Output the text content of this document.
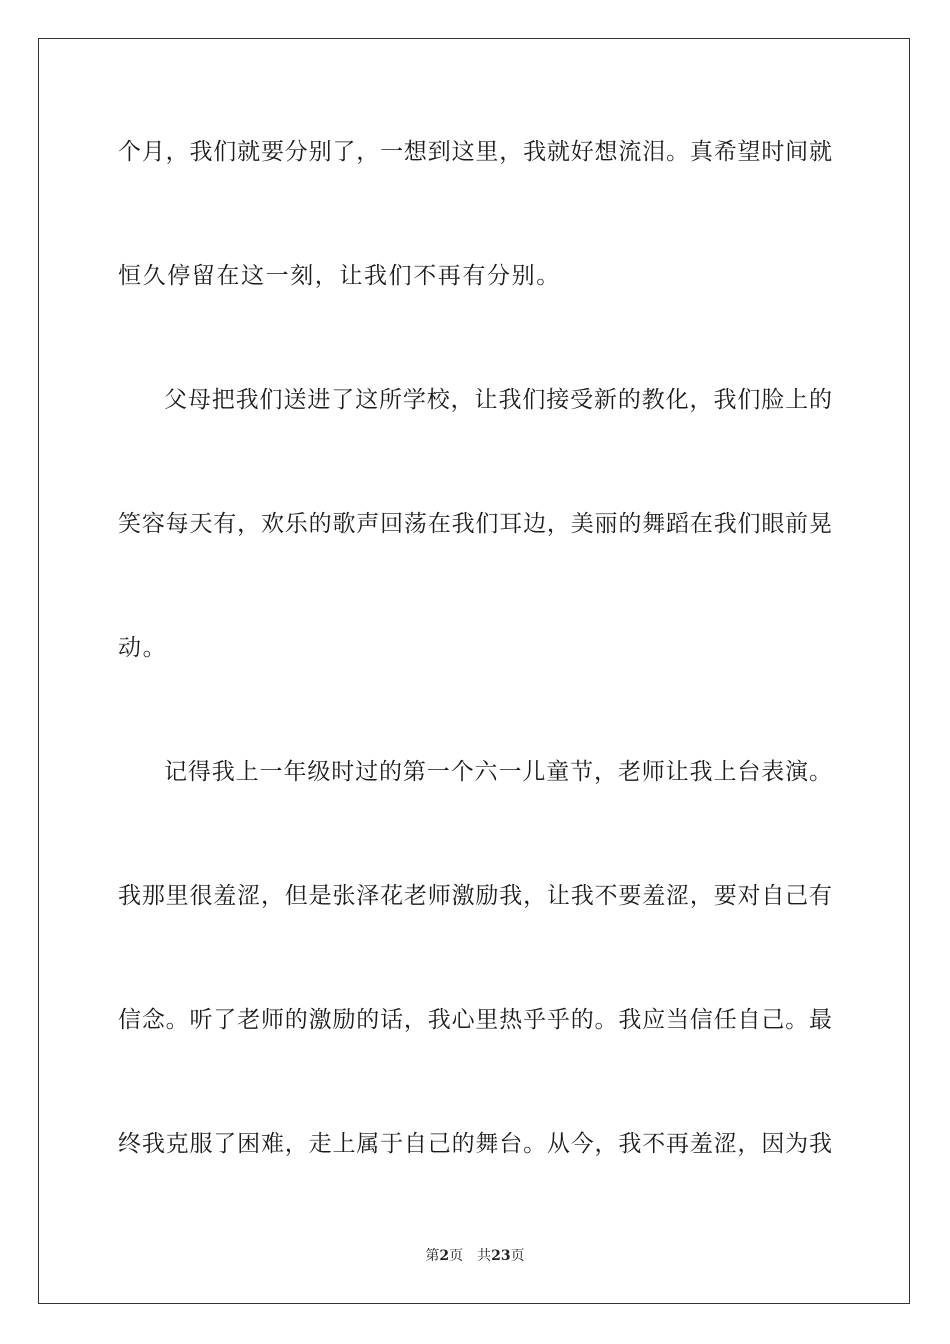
个月，我们就要分别了，一想到这里，我就好想流泪。真希望时间就
恒久停留在这一刻，让我们不再有分别。
父母把我们送进了这所学校，让我们接受新的教化，我们脸上的
笑容每天有，欢乐的歌声回荡在我们耳边，美丽的舞蹈在我们眼前晃
动。
记得我上一年级时过的第一个六一儿童节，老师让我上台表演。
我那里很羞涩，但是张泽花老师激励我，让我不要羞涩，要对自己有
信念。听了老师的激励的话，我心里热乎乎的。我应当信任自己。最
终我克服了困难，走上属于自己的舞台。从今，我不再羞涩，因为我
第2页 共23页
